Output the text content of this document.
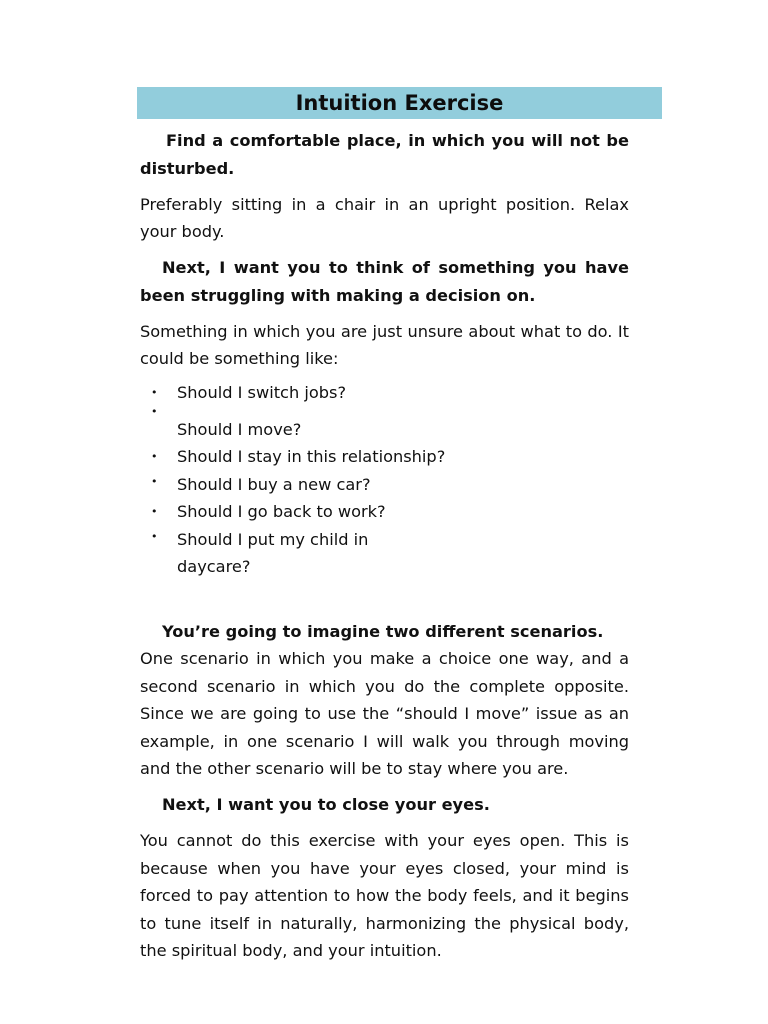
Intuition Exercise

Find a comfortable place, in which you will not be disturbed.

Preferably sitting in a chair in an upright position. Relax your body.

Next, I want you to think of something you have been struggling with making a decision on.

Something in which you are just unsure about what to do. It could be something like:

• Should I switch jobs?
•
Should I move?
• Should I stay in this relationship?
• Should I buy a new car?
• Should I go back to work?
• Should I put my child in daycare?

You’re going to imagine two different scenarios.

One scenario in which you make a choice one way, and a second scenario in which you do the complete opposite. Since we are going to use the “should I move” issue as an example, in one scenario I will walk you through moving and the other scenario will be to stay where you are.

Next, I want you to close your eyes.

You cannot do this exercise with your eyes open. This is because when you have your eyes closed, your mind is forced to pay attention to how the body feels, and it begins to tune itself in naturally, harmonizing the physical body, the spiritual body, and your intuition.
